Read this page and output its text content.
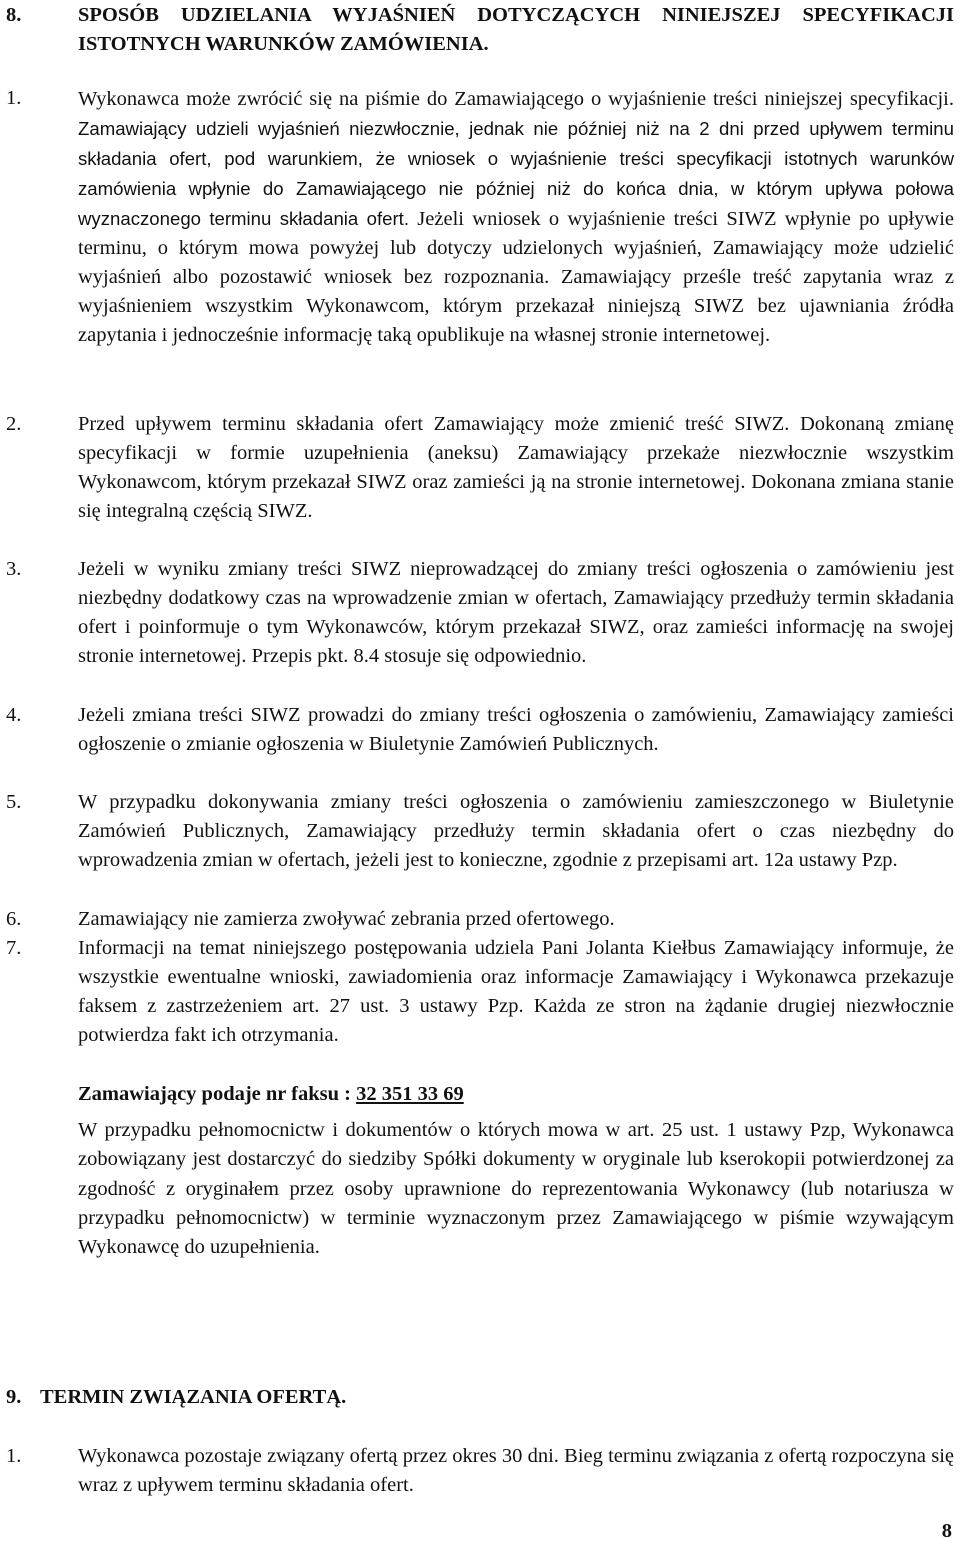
8.	SPOSÓB UDZIELANIA WYJAŚNIEŃ DOTYCZĄCYCH NINIEJSZEJ SPECYFIKACJI ISTOTNYCH WARUNKÓW ZAMÓWIENIA.
1.	Wykonawca może zwrócić się na piśmie do Zamawiającego o wyjaśnienie treści niniejszej specyfikacji. Zamawiający udzieli wyjaśnień niezwłocznie, jednak nie później niż na 2 dni przed upływem terminu składania ofert, pod warunkiem, że wniosek o wyjaśnienie treści specyfikacji istotnych warunków zamówienia wpłynie do Zamawiającego nie później niż do końca dnia, w którym upływa połowa wyznaczonego terminu składania ofert. Jeżeli wniosek o wyjaśnienie treści SIWZ wpłynie po upływie terminu, o którym mowa powyżej lub dotyczy udzielonych wyjaśnień, Zamawiający może udzielić wyjaśnień albo pozostawić wniosek bez rozpoznania. Zamawiający prześle treść zapytania wraz z wyjaśnieniem wszystkim Wykonawcom, którym przekazał niniejszą SIWZ bez ujawniania źródła zapytania i jednocześnie informację taką opublikuje na własnej stronie internetowej.
2.	Przed upływem terminu składania ofert Zamawiający może zmienić treść SIWZ. Dokonaną zmianę specyfikacji w formie uzupełnienia (aneksu) Zamawiający przekaże niezwłocznie wszystkim Wykonawcom, którym przekazał SIWZ oraz zamieści ją na stronie internetowej. Dokonana zmiana stanie się integralną częścią SIWZ.
3.	Jeżeli w wyniku zmiany treści SIWZ nieprowadzącej do zmiany treści ogłoszenia o zamówieniu jest niezbędny dodatkowy czas na wprowadzenie zmian w ofertach, Zamawiający przedłuży termin składania ofert i poinformuje o tym Wykonawców, którym przekazał SIWZ, oraz zamieści informację na swojej stronie internetowej. Przepis pkt. 8.4 stosuje się odpowiednio.
4.	Jeżeli zmiana treści SIWZ prowadzi do zmiany treści ogłoszenia o zamówieniu, Zamawiający zamieści ogłoszenie o zmianie ogłoszenia w Biuletynie Zamówień Publicznych.
5.	W przypadku dokonywania zmiany treści ogłoszenia o zamówieniu zamieszczonego w Biuletynie Zamówień Publicznych, Zamawiający przedłuży termin składania ofert o czas niezbędny do wprowadzenia zmian w ofertach, jeżeli jest to konieczne, zgodnie z przepisami art. 12a ustawy Pzp.
6.	Zamawiający nie zamierza zwoływać zebrania przed ofertowego.
7.	Informacji na temat niniejszego postępowania udziela Pani Jolanta Kiełbus Zamawiający informuje, że wszystkie ewentualne wnioski, zawiadomienia oraz informacje Zamawiający i Wykonawca przekazuje faksem z zastrzeżeniem art. 27 ust. 3 ustawy Pzp. Każda ze stron na żądanie drugiej niezwłocznie potwierdza fakt ich otrzymania.
Zamawiający podaje nr faksu : 32 351 33 69
W przypadku pełnomocnictw i dokumentów o których mowa w art. 25 ust. 1 ustawy Pzp, Wykonawca zobowiązany jest dostarczyć do siedziby Spółki dokumenty w oryginale lub kserokopii potwierdzonej za zgodność z oryginałem przez osoby uprawnione do reprezentowania Wykonawcy (lub notariusza w przypadku pełnomocnictw) w terminie wyznaczonym przez Zamawiającego w piśmie wzywającym Wykonawcę do uzupełnienia.
9. TERMIN ZWIĄZANIA OFERTĄ.
1.	Wykonawca pozostaje związany ofertą przez okres 30 dni. Bieg terminu związania z ofertą rozpoczyna się wraz z upływem terminu składania ofert.
8
